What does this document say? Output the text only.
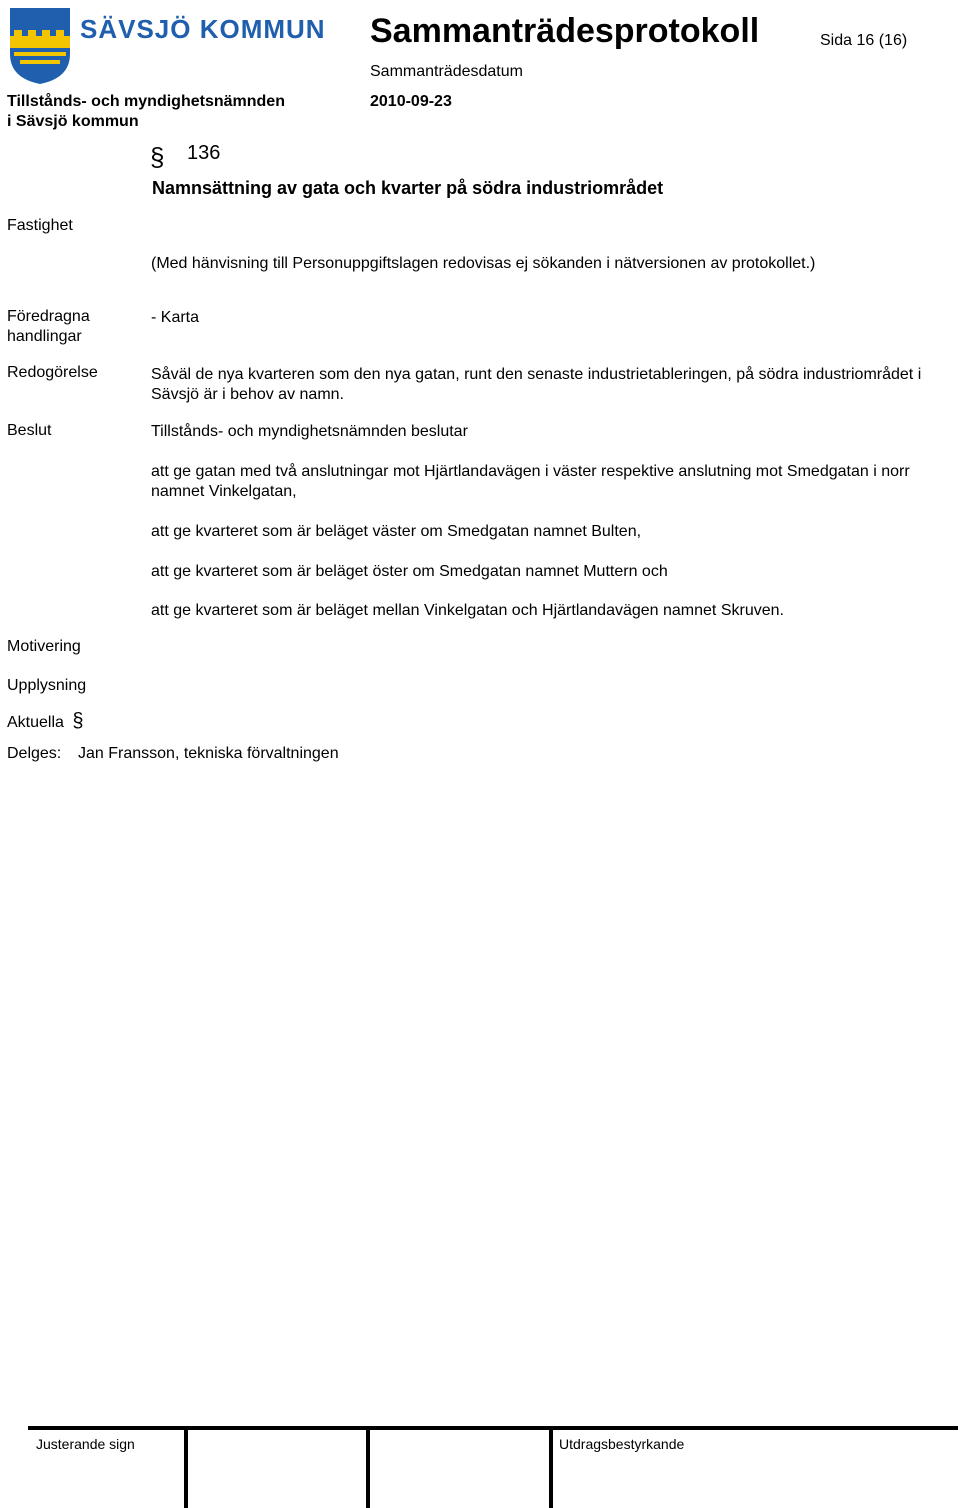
SÄVSJÖ KOMMUN Sammanträdesprotokoll	Sida 16 (16)
Sammanträdesdatum
2010-09-23
Tillstånds- och myndighetsnämnden
i Sävsjö kommun
§ 136
Namnsättning av gata och kvarter på södra industriområdet
Fastighet
Föredragna
handlingar
Redogörelse
Beslut
Motivering
Upplysning
Aktuella §
Delges:
(Med hänvisning till Personuppgiftslagen redovisas ej sökanden i nätversionen av protokollet.)
- Karta
Såväl de nya kvarteren som den nya gatan, runt den senaste industrietableringen, på södra industriområdet i Sävsjö är i behov av namn.
Tillstånds- och myndighetsnämnden beslutar
att ge gatan med två anslutningar mot Hjärtlandavägen i väster respektive anslutning mot Smedgatan i norr namnet Vinkelgatan,
att ge kvarteret som är beläget väster om Smedgatan namnet Bulten,
att ge kvarteret som är beläget öster om Smedgatan namnet Muttern och
att ge kvarteret som är beläget mellan Vinkelgatan och Hjärtlandavägen namnet Skruven.
Jan Fransson, tekniska förvaltningen
Justerande sign	Utdragsbestyrkande
